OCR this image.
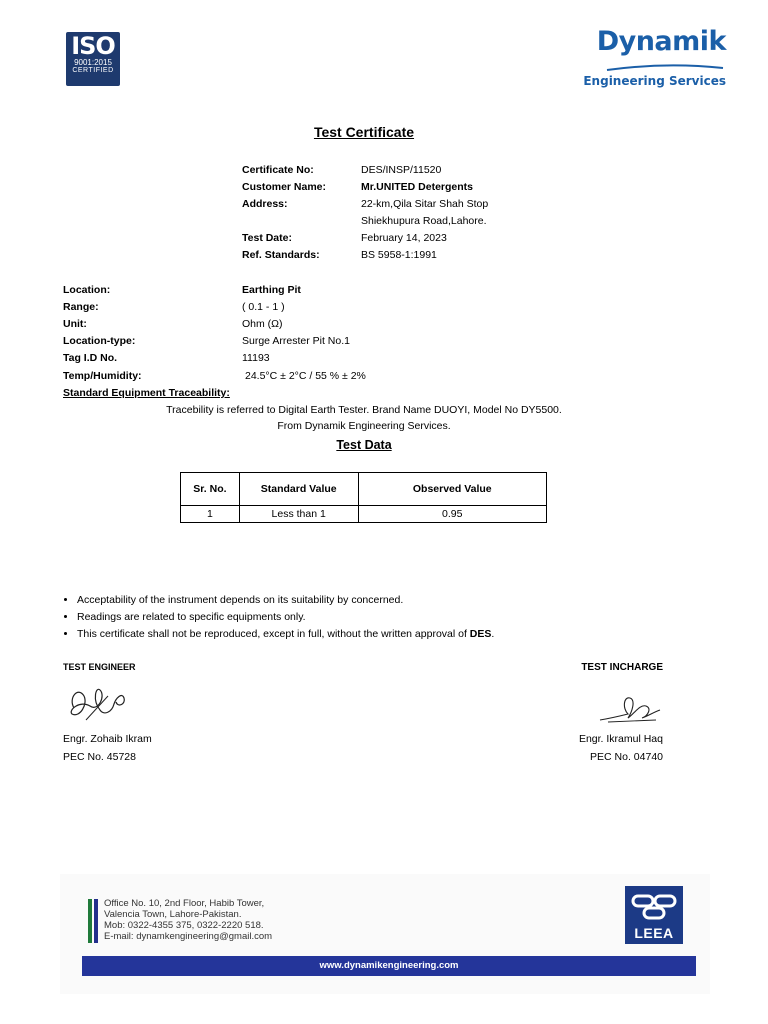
ISO
9001:2015
CERTIFIED
Dynamik
Engineering Services
Test Certificate
Certificate No:	DES/INSP/11520
Customer Name:	Mr.UNITED Detergents
Address:	22-km,Qila Sitar Shah Stop
Shiekhupura Road,Lahore.
Test Date:	February 14, 2023
Ref. Standards:	BS 5958-1:1991
Location:	Earthing Pit
Range:	( 0.1 - 1 )
Unit:	Ohm (Ω)
Location-type:	Surge Arrester Pit No.1
Tag I.D No.	11193
Temp/Humidity:	24.5°C ± 2°C / 55 % ± 2%
Standard Equipment Traceability:
Tracebility is referred to Digital Earth Tester. Brand Name DUOYI, Model No DY5500.
From Dynamik Engineering Services.
Test Data
Sr. No.	Standard Value	Observed Value
1	Less than 1	0.95
• Acceptability of the instrument depends on its suitability by concerned.
• Readings are related to specific equipments only.
• This certificate shall not be reproduced, except in full, without the written approval of DES.
TEST ENGINEER
Engr. Zohaib Ikram
PEC No. 45728
TEST INCHARGE
Engr. Ikramul Haq
PEC No. 04740
Office No. 10, 2nd Floor, Habib Tower,
Valencia Town, Lahore-Pakistan.
Mob: 0322-4355 375, 0322-2220 518.
E-mail: dynamkengineering@gmail.com	LEEA
www.dynamikengineering.com
